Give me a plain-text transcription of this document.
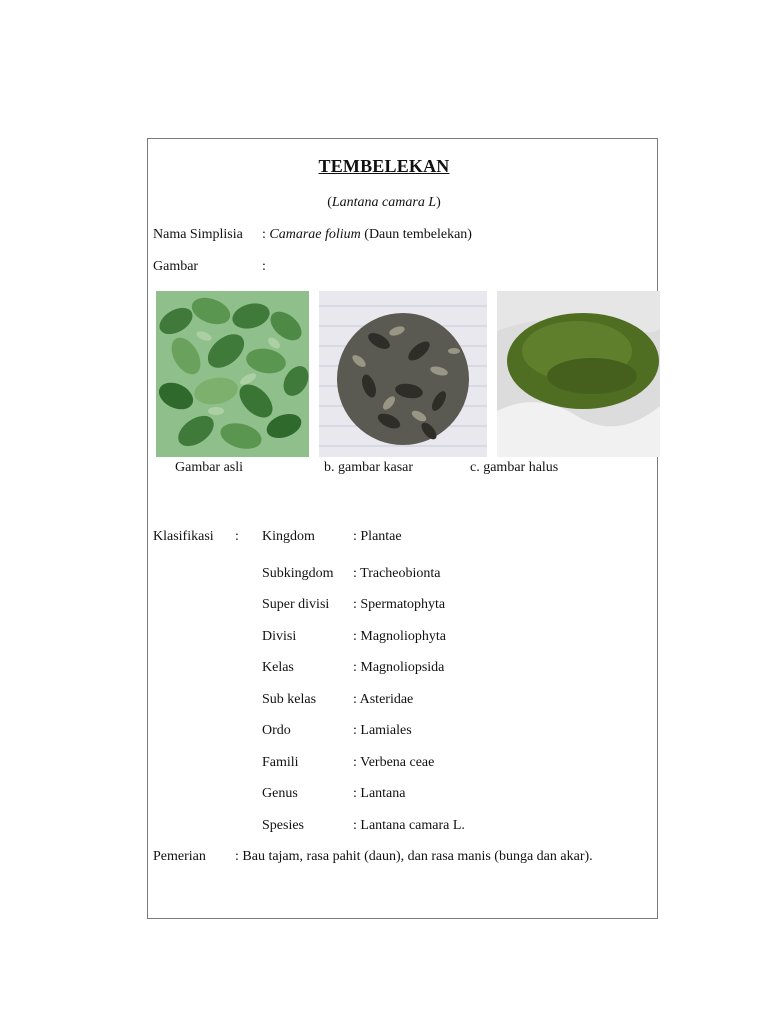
TEMBELEKAN
(Lantana camara L)
Nama Simplisia : Camarae folium (Daun tembelekan)
Gambar	:
Gambar asli	b. gambar kasar	c. gambar halus
Klasifikasi : Kingdom	: Plantae
Subkingdom : Tracheobionta
Super divisi : Spermatophyta
Divisi	: Magnoliophyta
Kelas	: Magnoliopsida
Sub kelas	: Asteridae
Ordo	: Lamiales
Famili	: Verbena ceae
Genus	: Lantana
Spesies	: Lantana camara L.
Pemerian : Bau tajam, rasa pahit (daun), dan rasa manis (bunga dan akar).
